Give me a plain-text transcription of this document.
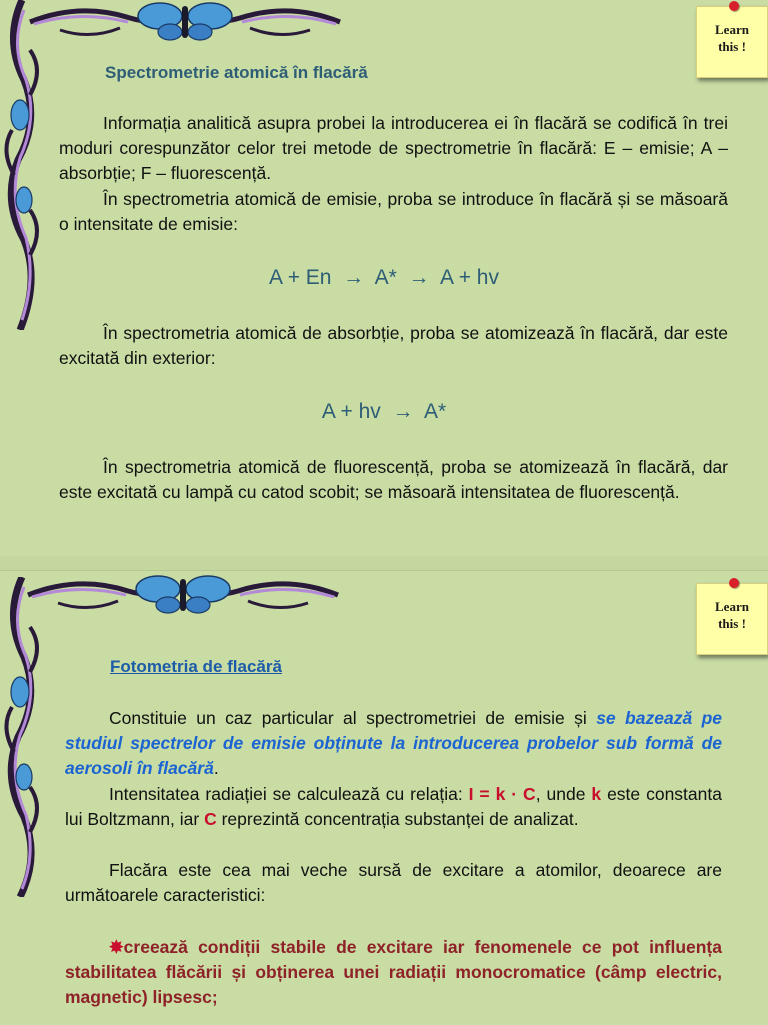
Learn
this !
Spectrometrie atomică în flacără
Informația analitică asupra probei la introducerea ei în flacără se codifică în trei moduri corespunzător celor trei metode de spectrometrie în flacără: E – emisie; A – absorbție; F – fluorescență.
În spectrometria atomică de emisie, proba se introduce în flacără și se măsoară o intensitate de emisie:
A + En  →  A*  →  A + hv
În spectrometria atomică de absorbție, proba se atomizează în flacără, dar este excitată din exterior:
A + hv  →  A*
În spectrometria atomică de fluorescență, proba se atomizează în flacără, dar este excitată cu lampă cu catod scobit; se măsoară intensitatea de fluorescență.
Learn
this !
Fotometria de flacără
Constituie un caz particular al spectrometriei de emisie și se bazează pe studiul spectrelor de emisie obținute la introducerea probelor sub formă de aerosoli în flacără.
Intensitatea radiației se calculează cu relația: I = k · C, unde k este constanta lui Boltzmann, iar C reprezintă concentrația substanței de analizat.
Flacăra este cea mai veche sursă de excitare a atomilor, deoarece are următoarele caracteristici:
✸creează condiții stabile de excitare iar fenomenele ce pot influența stabilitatea flăcării și obținerea unei radiații monocromatice (câmp electric, magnetic) lipsesc;
